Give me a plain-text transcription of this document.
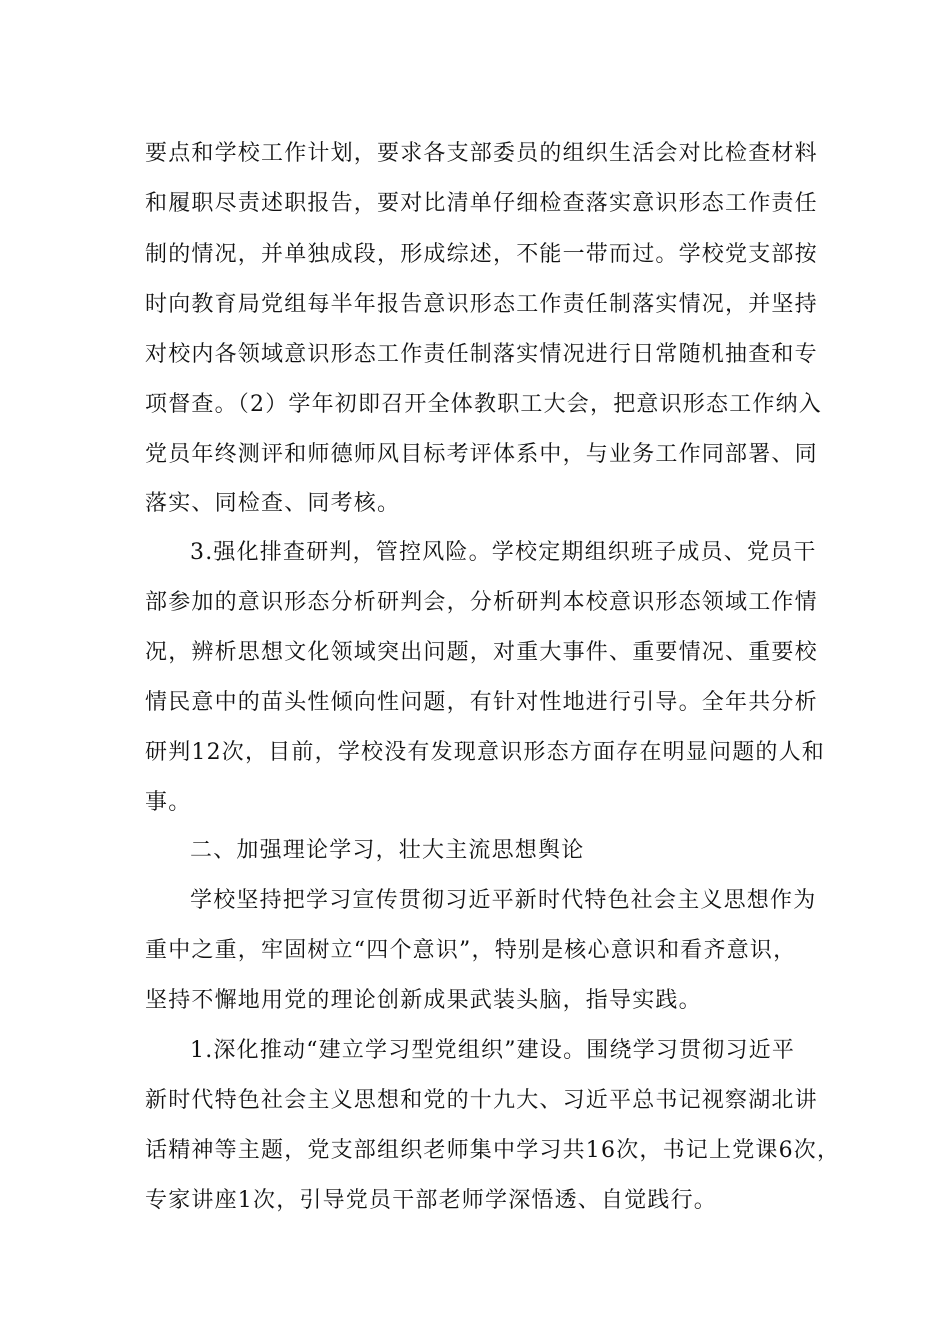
要点和学校工作计划，要求各支部委员的组织生活会对比检查材料
和履职尽责述职报告，要对比清单仔细检查落实意识形态工作责任
制的情况，并单独成段，形成综述，不能一带而过。学校党支部按
时向教育局党组每半年报告意识形态工作责任制落实情况，并坚持
对校内各领域意识形态工作责任制落实情况进行日常随机抽查和专
项督查。（2）学年初即召开全体教职工大会，把意识形态工作纳入
党员年终测评和师德师风目标考评体系中，与业务工作同部署、同
落实、同检查、同考核。
3.强化排查研判，管控风险。学校定期组织班子成员、党员干
部参加的意识形态分析研判会，分析研判本校意识形态领域工作情
况，辨析思想文化领域突出问题，对重大事件、重要情况、重要校
情民意中的苗头性倾向性问题，有针对性地进行引导。全年共分析
研判12次，目前，学校没有发现意识形态方面存在明显问题的人和
事。
二、加强理论学习，壮大主流思想舆论
学校坚持把学习宣传贯彻习近平新时代特色社会主义思想作为
重中之重，牢固树立“四个意识”，特别是核心意识和看齐意识，
坚持不懈地用党的理论创新成果武装头脑，指导实践。
1.深化推动“建立学习型党组织”建设。围绕学习贯彻习近平
新时代特色社会主义思想和党的十九大、习近平总书记视察湖北讲
话精神等主题，党支部组织老师集中学习共16次，书记上党课6次，
专家讲座1次，引导党员干部老师学深悟透、自觉践行。
